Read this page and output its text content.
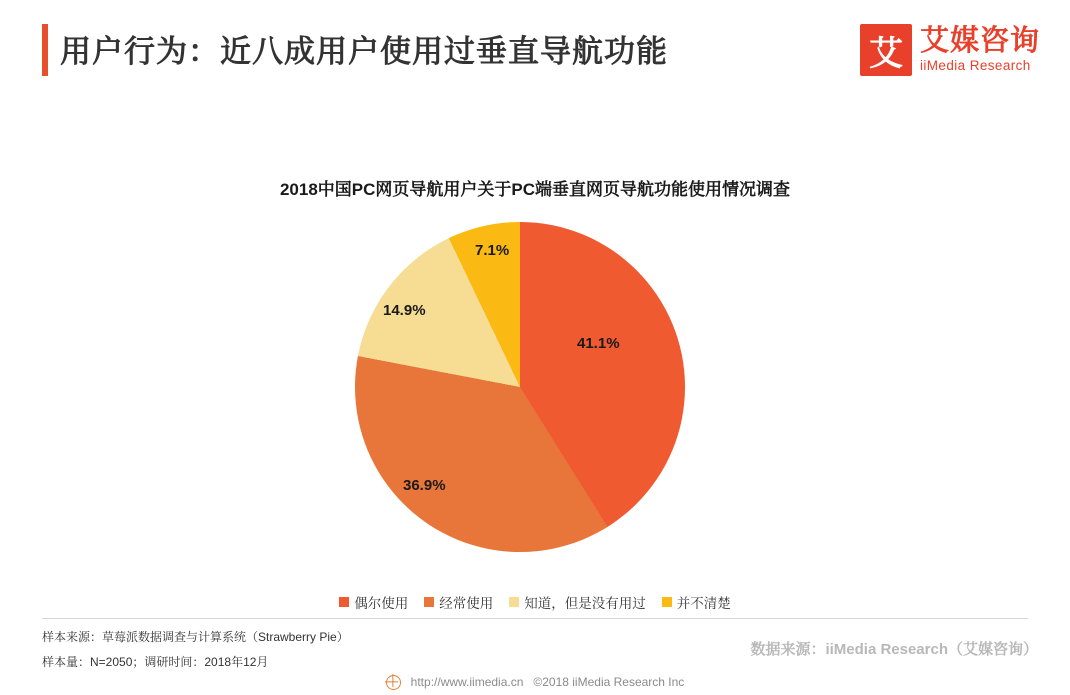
用户行为：近八成用户使用过垂直导航功能	艾 艾媒咨询
iiMedia Research
2018中国PC网页导航用户关于PC端垂直网页导航功能使用情况调查
41.1%
36.9%
14.9%
7.1%
偶尔使用 经常使用 知道，但是没有用过 并不清楚
样本来源：草莓派数据调查与计算系统（Strawberry Pie）
样本量：N=2050；调研时间：2018年12月
数据来源：iiMedia Research（艾媒咨询）
http://www.iimedia.cn ©2018 iiMedia Research Inc
